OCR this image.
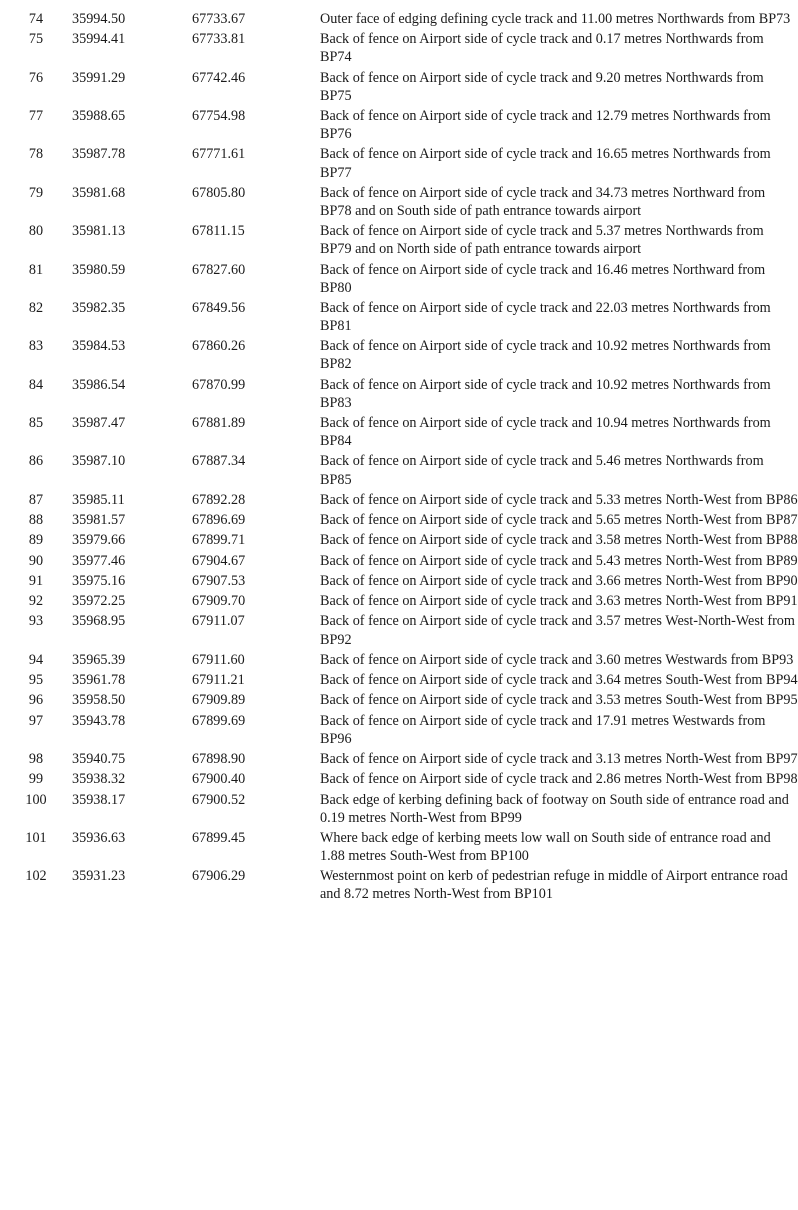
74	35994.50	67733.67	Outer face of edging defining cycle track and 11.00 metres Northwards from BP73
75	35994.41	67733.81	Back of fence on Airport side of cycle track and 0.17 metres Northwards from BP74
76	35991.29	67742.46	Back of fence on Airport side of cycle track and 9.20 metres Northwards from BP75
77	35988.65	67754.98	Back of fence on Airport side of cycle track and 12.79 metres Northwards from BP76
78	35987.78	67771.61	Back of fence on Airport side of cycle track and 16.65 metres Northwards from BP77
79	35981.68	67805.80	Back of fence on Airport side of cycle track and 34.73 metres Northward from BP78 and on South side of path entrance towards airport
80	35981.13	67811.15	Back of fence on Airport side of cycle track and 5.37 metres Northwards from BP79 and on North side of path entrance towards airport
81	35980.59	67827.60	Back of fence on Airport side of cycle track and 16.46 metres Northward from BP80
82	35982.35	67849.56	Back of fence on Airport side of cycle track and 22.03 metres Northwards from BP81
83	35984.53	67860.26	Back of fence on Airport side of cycle track and 10.92 metres Northwards from BP82
84	35986.54	67870.99	Back of fence on Airport side of cycle track and 10.92 metres Northwards from BP83
85	35987.47	67881.89	Back of fence on Airport side of cycle track and 10.94 metres Northwards from BP84
86	35987.10	67887.34	Back of fence on Airport side of cycle track and 5.46 metres Northwards from BP85
87	35985.11	67892.28	Back of fence on Airport side of cycle track and 5.33 metres North-West from BP86
88	35981.57	67896.69	Back of fence on Airport side of cycle track and 5.65 metres North-West from BP87
89	35979.66	67899.71	Back of fence on Airport side of cycle track and 3.58 metres North-West from BP88
90	35977.46	67904.67	Back of fence on Airport side of cycle track and 5.43 metres North-West from BP89
91	35975.16	67907.53	Back of fence on Airport side of cycle track and 3.66 metres North-West from BP90
92	35972.25	67909.70	Back of fence on Airport side of cycle track and 3.63 metres North-West from BP91
93	35968.95	67911.07	Back of fence on Airport side of cycle track and 3.57 metres West-North-West from BP92
94	35965.39	67911.60	Back of fence on Airport side of cycle track and 3.60 metres Westwards from BP93
95	35961.78	67911.21	Back of fence on Airport side of cycle track and 3.64 metres South-West from BP94
96	35958.50	67909.89	Back of fence on Airport side of cycle track and 3.53 metres South-West from BP95
97	35943.78	67899.69	Back of fence on Airport side of cycle track and 17.91 metres Westwards from BP96
98	35940.75	67898.90	Back of fence on Airport side of cycle track and 3.13 metres North-West from BP97
99	35938.32	67900.40	Back of fence on Airport side of cycle track and 2.86 metres North-West from BP98
100	35938.17	67900.52	Back edge of kerbing defining back of footway on South side of entrance road and 0.19 metres North-West from BP99
101	35936.63	67899.45	Where back edge of kerbing meets low wall on South side of entrance road and 1.88 metres South-West from BP100
102	35931.23	67906.29	Westernmost point on kerb of pedestrian refuge in middle of Airport entrance road and 8.72 metres North-West from BP101
